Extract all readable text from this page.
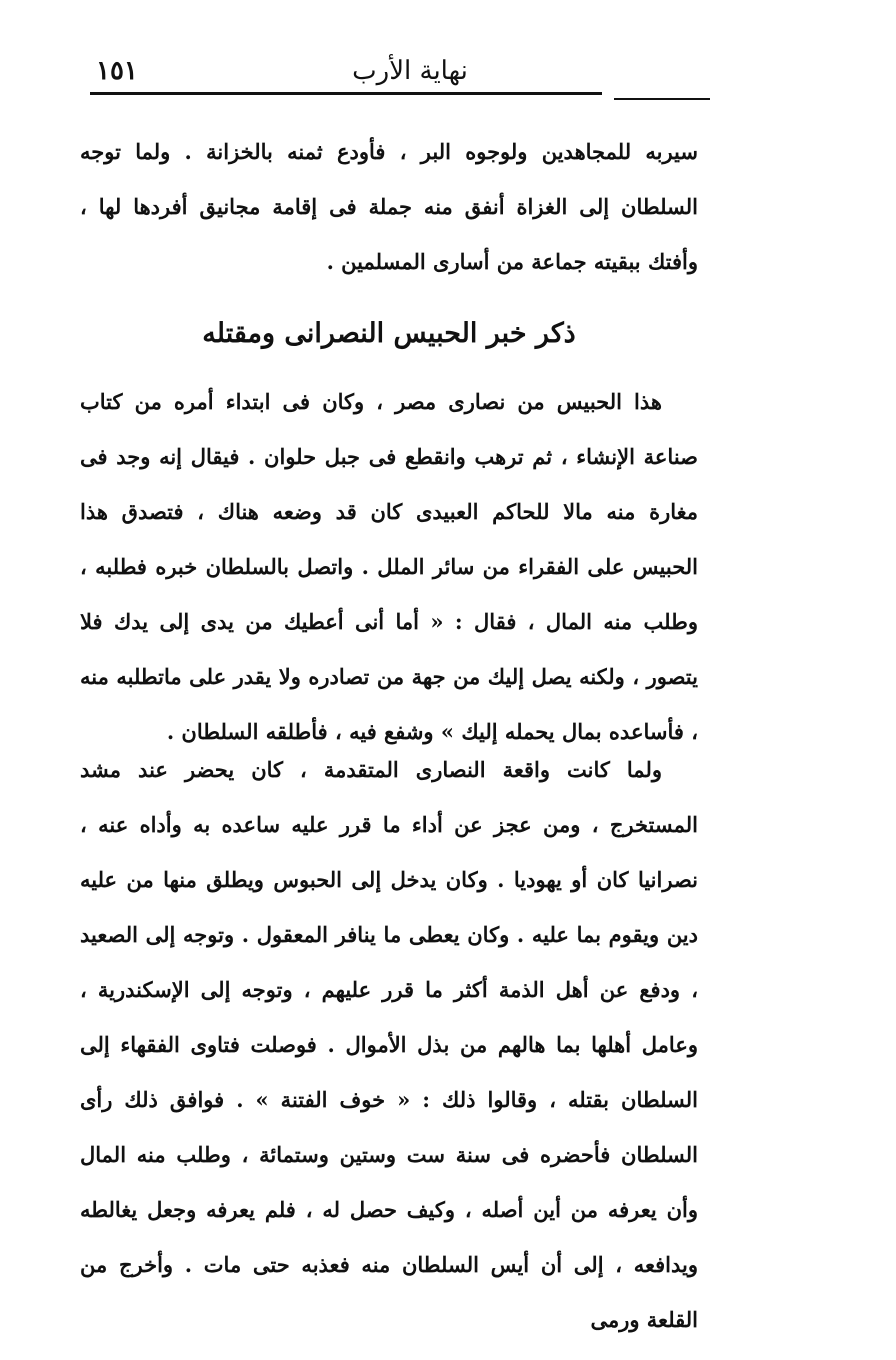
١٥١	نهاية الأرب

سيربه للمجاهدين ولوجوه البر ، فأودع ثمنه بالخزانة . ولما توجه السلطان إلى الغزاة أنفق منه جملة فى إقامة مجانيق أفردها لها ، وأفتك ببقيته جماعة من أسارى المسلمين .

ذكر خبر الحبيس النصرانى ومقتله

هذا الحبيس من نصارى مصر ، وكان فى ابتداء أمره من كتاب صناعة الإنشاء ، ثم ترهب وانقطع فى جبل حلوان . فيقال إنه وجد فى مغارة منه مالا للحاكم العبيدى كان قد وضعه هناك ، فتصدق هذا الحبيس على الفقراء من سائر الملل . واتصل بالسلطان خبره فطلبه ، وطلب منه المال ، فقال : « أما أنى أعطيك من يدى إلى يدك فلا يتصور ، ولكنه يصل إليك من جهة من تصادره ولا يقدر على ماتطلبه منه ، فأساعده بمال يحمله إليك » وشفع فيه ، فأطلقه السلطان .

ولما كانت واقعة النصارى المتقدمة ، كان يحضر عند مشد المستخرج ، ومن عجز عن أداء ما قرر عليه ساعده به وأداه عنه ، نصرانيا كان أو يهوديا . وكان يدخل إلى الحبوس ويطلق منها من عليه دين ويقوم بما عليه . وكان يعطى ما ينافر المعقول . وتوجه إلى الصعيد ، ودفع عن أهل الذمة أكثر ما قرر عليهم ، وتوجه إلى الإسكندرية ، وعامل أهلها بما هالهم من بذل الأموال . فوصلت فتاوى الفقهاء إلى السلطان بقتله ، وقالوا ذلك : « خوف الفتنة » . فوافق ذلك رأى السلطان فأحضره فى سنة ست وستين وستمائة ، وطلب منه المال وأن يعرفه من أين أصله ، وكيف حصل له ، فلم يعرفه وجعل يغالطه ويدافعه ، إلى أن أيس السلطان منه فعذبه حتى مات . وأخرج من القلعة ورمى
